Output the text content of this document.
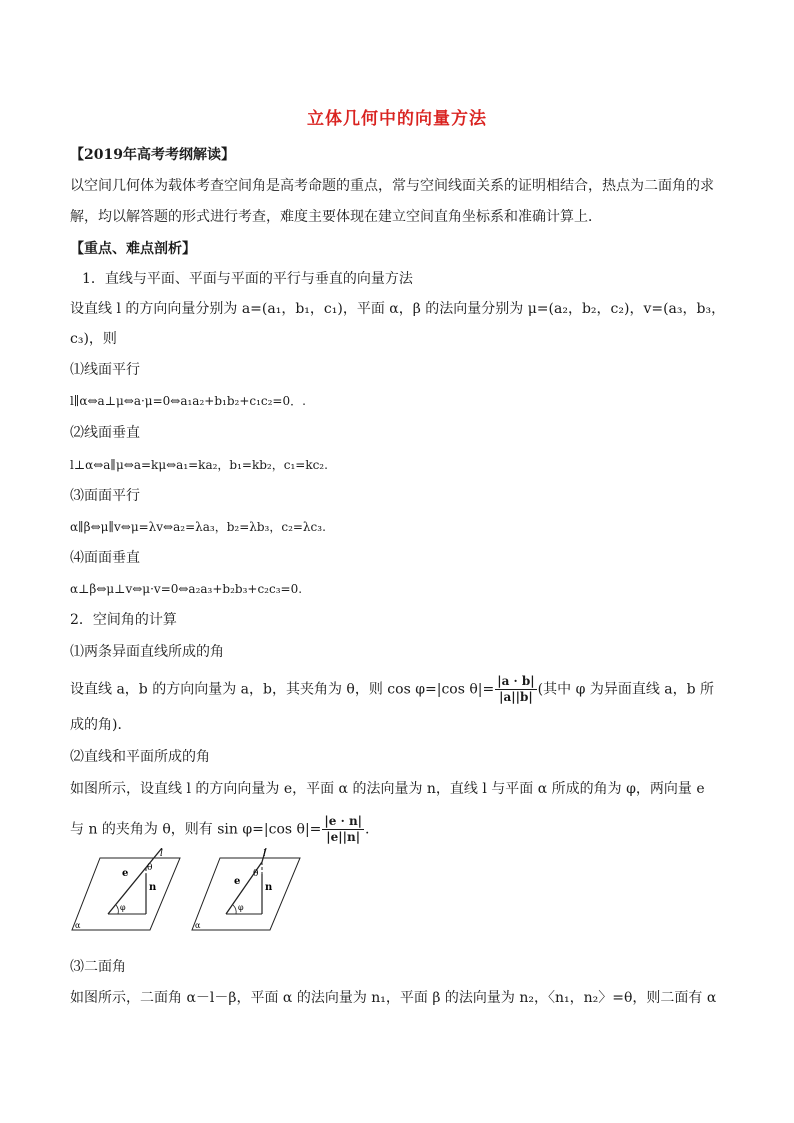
立体几何中的向量方法
【2019年高考考纲解读】
以空间几何体为载体考查空间角是高考命题的重点，常与空间线面关系的证明相结合，热点为二面角的求
解，均以解答题的形式进行考查，难度主要体现在建立空间直角坐标系和准确计算上．
【重点、难点剖析】
1．直线与平面、平面与平面的平行与垂直的向量方法
设直线 l 的方向向量分别为 a=(a₁，b₁，c₁)，平面 α，β 的法向量分别为 μ=(a₂，b₂，c₂)，v=(a₃，b₃，
c₃)，则
⑴线面平行
l∥α⇔a⊥μ⇔a·μ=0⇔a₁a₂+b₁b₂+c₁c₂=0．.
⑵线面垂直
l⊥α⇔a∥μ⇔a=kμ⇔a₁=ka₂，b₁=kb₂，c₁=kc₂.
⑶面面平行
α∥β⇔μ∥v⇔μ=λv⇔a₂=λa₃，b₂=λb₃，c₂=λc₃.
⑷面面垂直
α⊥β⇔μ⊥v⇔μ·v=0⇔a₂a₃+b₂b₃+c₂c₃=0.
2．空间角的计算
⑴两条异面直线所成的角
设直线 a，b 的方向向量为 a，b，其夹角为 θ，则 cos φ=|cos $\theta|= \frac{|a \cdot b|}{|a||b|}$ (其中 φ 为异面直线 a，b 所
成的角)．
⑵直线和平面所成的角
如图所示，设直线 l 的方向向量为 e，平面 α 的法向量为 n，直线 l 与平面 α 所成的角为 φ，两向量 e
与 n 的夹角为 θ，则有 sin φ=|cos $\theta|= \frac{|e \cdot n|}{|e||n|}$ .
l
e
n
θ
φ
α
l
e
n
θ
φ
α
⑶二面角
如图所示，二面角 α－l－β，平面 α 的法向量为 n₁，平面 β 的法向量为 n₂，〈n₁，n₂〉=θ，则二面有 α
